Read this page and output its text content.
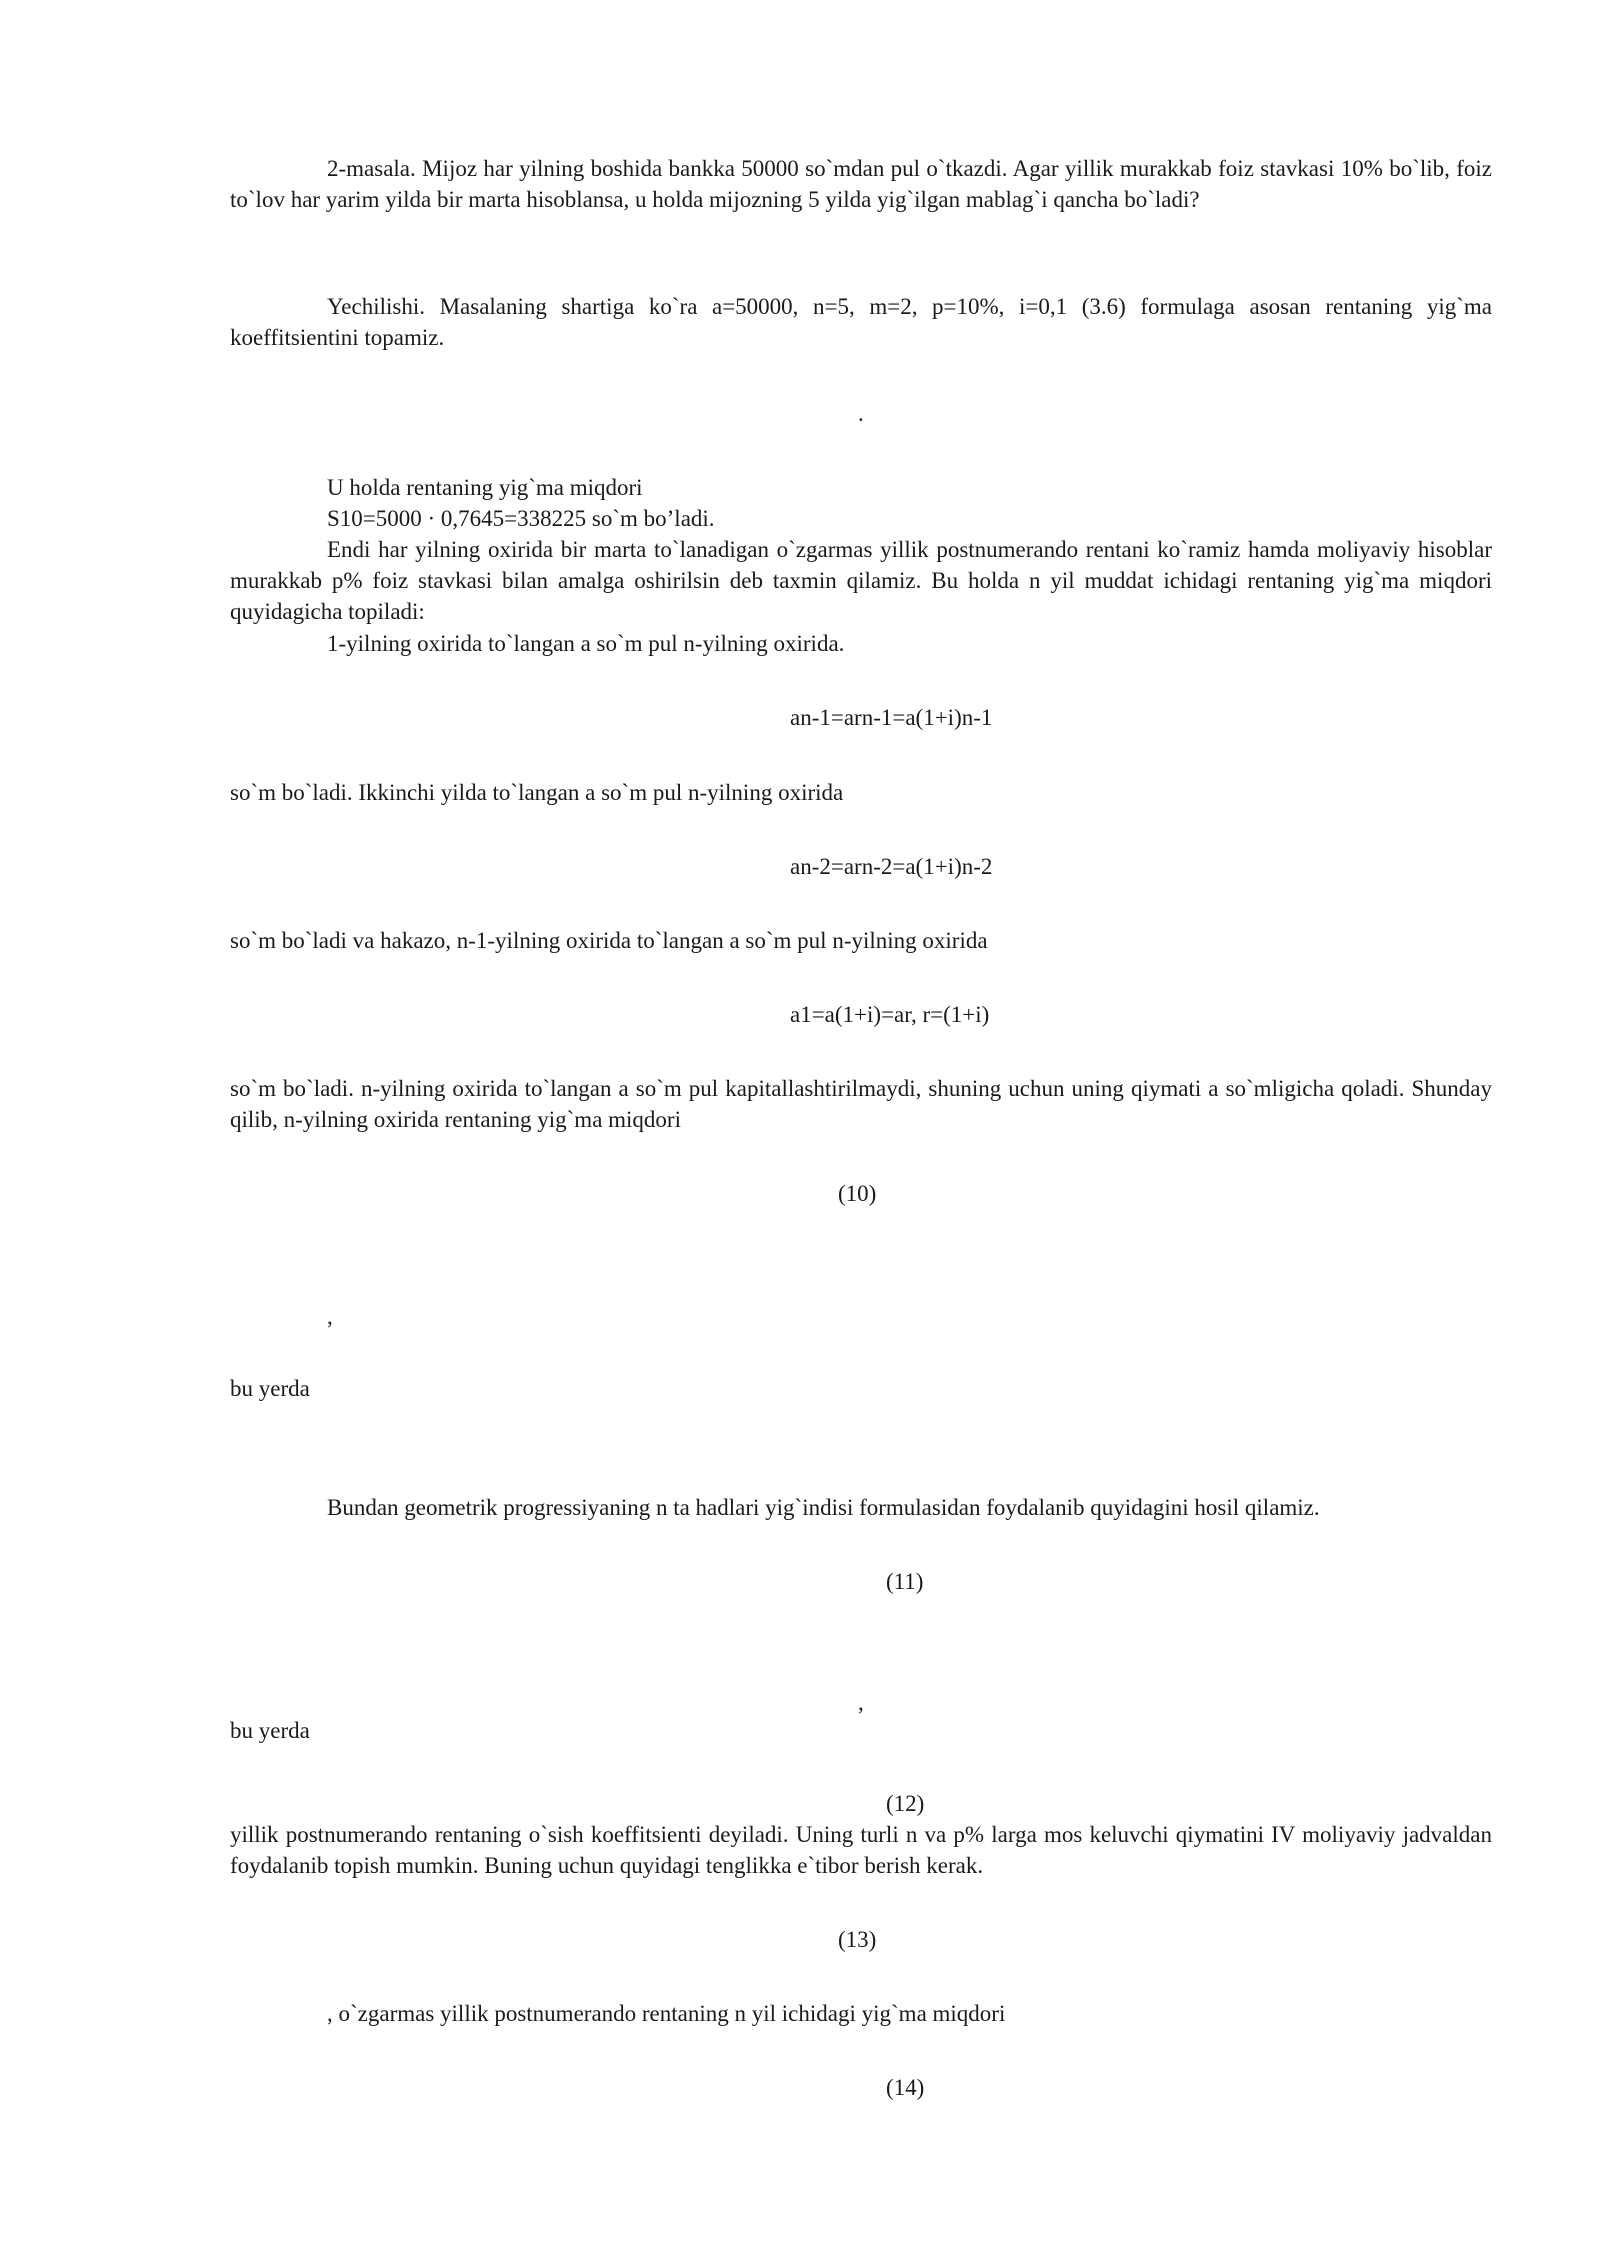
2-masala. Mijoz har yilning boshida bankka 50000 so`mdan pul o`tkazdi. Agar yillik murakkab foiz stavkasi 10% bo`lib, foiz to`lov har yarim yilda bir marta hisoblansa, u holda mijozning 5 yilda yig`ilgan mablag`i qancha bo`ladi?
Yechilishi. Masalaning shartiga ko`ra a=50000, n=5, m=2, p=10%, i=0,1 (3.6) formulaga asosan rentaning yig`ma koeffitsientini topamiz.
.
U holda rentaning yig`ma miqdori
S10=5000 · 0,7645=338225 so`m bo’ladi.
Endi har yilning oxirida bir marta to`lanadigan o`zgarmas yillik postnumerando rentani ko`ramiz hamda moliyaviy hisoblar murakkab p% foiz stavkasi bilan amalga oshirilsin deb taxmin qilamiz. Bu holda n yil muddat ichidagi rentaning yig`ma miqdori quyidagicha topiladi:
1-yilning oxirida to`langan a so`m pul n-yilning oxirida.
an-1=arn-1=a(1+i)n-1
so`m bo`ladi. Ikkinchi yilda to`langan a so`m pul n-yilning oxirida
an-2=arn-2=a(1+i)n-2
so`m bo`ladi va hakazo, n-1-yilning oxirida to`langan a so`m pul n-yilning oxirida
a1=a(1+i)=ar, r=(1+i)
so`m bo`ladi. n-yilning oxirida to`langan a so`m pul kapitallashtirilmaydi, shuning uchun uning qiymati a so`mligicha qoladi. Shunday qilib, n-yilning oxirida rentaning yig`ma miqdori
(10)
,
bu yerda
Bundan geometrik progressiyaning n ta hadlari yig`indisi formulasidan foydalanib quyidagini hosil qilamiz.
(11)
,
bu yerda
(12)
yillik postnumerando rentaning o`sish koeffitsienti deyiladi. Uning turli n va p% larga mos keluvchi qiymatini IV moliyaviy jadvaldan foydalanib topish mumkin. Buning uchun quyidagi tenglikka e`tibor berish kerak.
(13)
, o`zgarmas yillik postnumerando rentaning n yil ichidagi yig`ma miqdori
(14)
